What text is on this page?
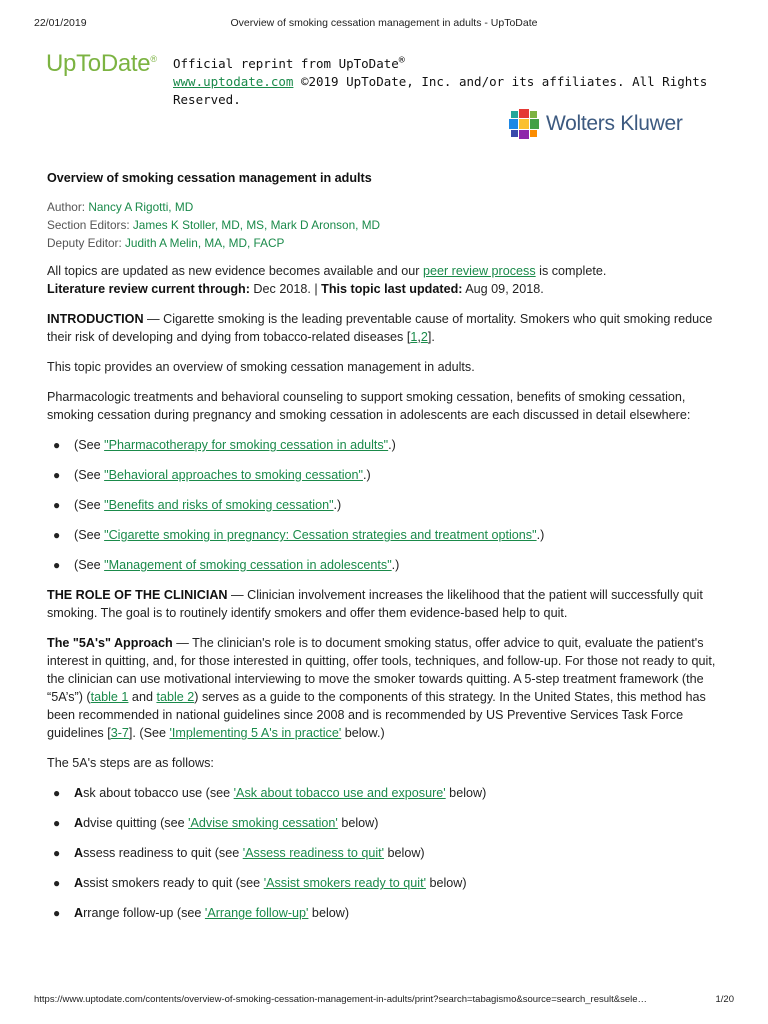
22/01/2019	Overview of smoking cessation management in adults - UpToDate
UpToDate® Official reprint from UpToDate®
www.uptodate.com ©2019 UpToDate, Inc. and/or its affiliates. All Rights Reserved.
Wolters Kluwer
Overview of smoking cessation management in adults
Author: Nancy A Rigotti, MD
Section Editors: James K Stoller, MD, MS, Mark D Aronson, MD
Deputy Editor: Judith A Melin, MA, MD, FACP

All topics are updated as new evidence becomes available and our peer review process is complete.
Literature review current through: Dec 2018. | This topic last updated: Aug 09, 2018.

INTRODUCTION — Cigarette smoking is the leading preventable cause of mortality. Smokers who quit smoking reduce their risk of developing and dying from tobacco-related diseases [1,2].

This topic provides an overview of smoking cessation management in adults.

Pharmacologic treatments and behavioral counseling to support smoking cessation, benefits of smoking cessation, smoking cessation during pregnancy and smoking cessation in adolescents are each discussed in detail elsewhere:

● (See "Pharmacotherapy for smoking cessation in adults".)
● (See "Behavioral approaches to smoking cessation".)
● (See "Benefits and risks of smoking cessation".)
● (See "Cigarette smoking in pregnancy: Cessation strategies and treatment options".)
● (See "Management of smoking cessation in adolescents".)

THE ROLE OF THE CLINICIAN — Clinician involvement increases the likelihood that the patient will successfully quit smoking. The goal is to routinely identify smokers and offer them evidence-based help to quit.

The "5A's" Approach — The clinician's role is to document smoking status, offer advice to quit, evaluate the patient's interest in quitting, and, for those interested in quitting, offer tools, techniques, and follow-up. For those not ready to quit, the clinician can use motivational interviewing to move the smoker towards quitting. A 5-step treatment framework (the “5A’s”) (table 1 and table 2) serves as a guide to the components of this strategy. In the United States, this method has been recommended in national guidelines since 2008 and is recommended by US Preventive Services Task Force guidelines [3-7]. (See 'Implementing 5 A's in practice' below.)

The 5A's steps are as follows:

● Ask about tobacco use (see 'Ask about tobacco use and exposure' below)
● Advise quitting (see 'Advise smoking cessation' below)
● Assess readiness to quit (see 'Assess readiness to quit' below)
● Assist smokers ready to quit (see 'Assist smokers ready to quit' below)
● Arrange follow-up (see 'Arrange follow-up' below)
https://www.uptodate.com/contents/overview-of-smoking-cessation-management-in-adults/print?search=tabagismo&source=search_result&sele…	1/20
